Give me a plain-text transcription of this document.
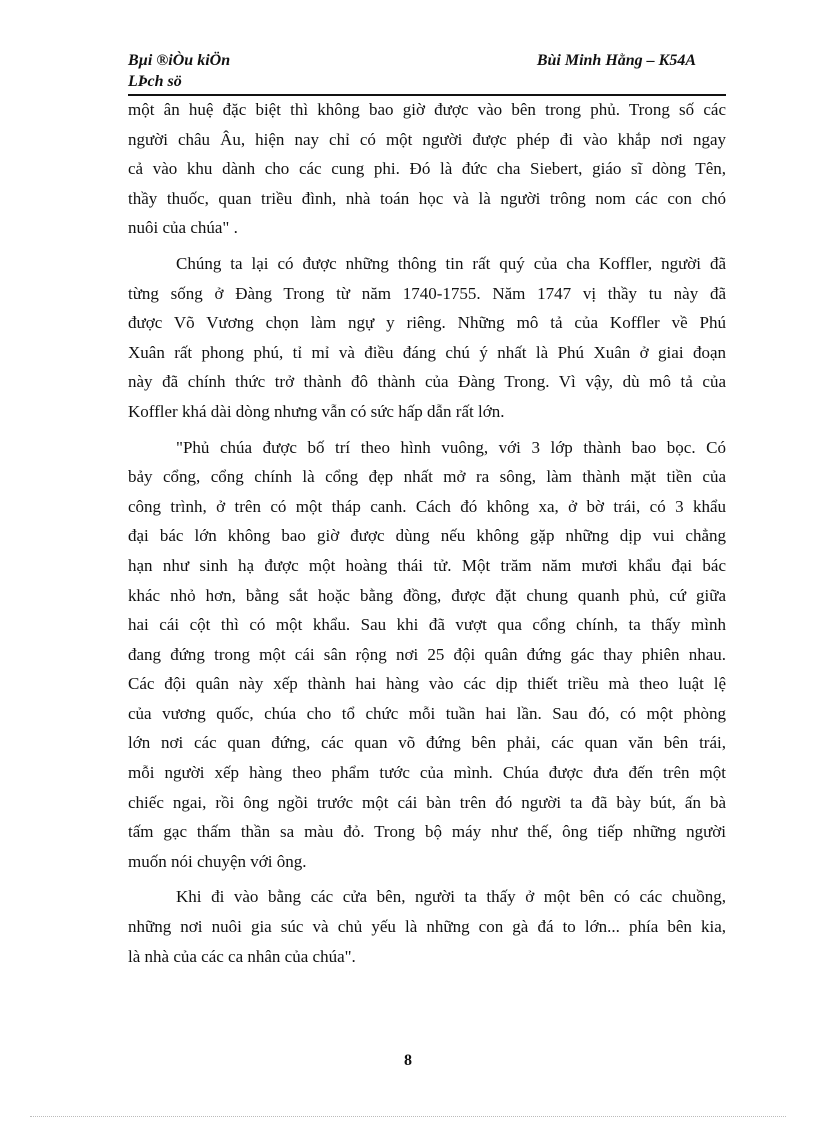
Bµi ®iÒu kiÖn
LÞch sö
Bùi Minh Hằng – K54A

một ân huệ đặc biệt thì không bao giờ được vào bên trong phủ. Trong số các
người châu Âu, hiện nay chỉ có một người được phép đi vào khắp nơi ngay
cả vào khu dành cho các cung phi. Đó là đức cha Siebert, giáo sĩ dòng Tên,
thầy thuốc, quan triều đình, nhà toán học và là người trông nom các con chó
nuôi của chúa" .

Chúng ta lại có được những thông tin rất quý của cha Koffler, người đã
từng sống ở Đàng Trong từ năm 1740-1755. Năm 1747 vị thầy tu này đã
được Võ Vương chọn làm ngự y riêng. Những mô tả của Koffler về Phú
Xuân rất phong phú, tỉ mỉ và điều đáng chú ý nhất là Phú Xuân ở giai đoạn
này đã chính thức trở thành đô thành của Đàng Trong. Vì vậy, dù mô tả của
Koffler khá dài dòng nhưng vẫn có sức hấp dẫn rất lớn.

"Phủ chúa được bố trí theo hình vuông, với 3 lớp thành bao bọc. Có
bảy cổng, cổng chính là cổng đẹp nhất mở ra sông, làm thành mặt tiền của
công trình, ở trên có một tháp canh. Cách đó không xa, ở bờ trái, có 3 khẩu
đại bác lớn không bao giờ được dùng nếu không gặp những dịp vui chẳng
hạn như sinh hạ được một hoàng thái tử. Một trăm năm mươi khẩu đại bác
khác nhỏ hơn, bằng sắt hoặc bằng đồng, được đặt chung quanh phủ, cứ giữa
hai cái cột thì có một khẩu. Sau khi đã vượt qua cổng chính, ta thấy mình
đang đứng trong một cái sân rộng nơi 25 đội quân đứng gác thay phiên nhau.
Các đội quân này xếp thành hai hàng vào các dịp thiết triều mà theo luật lệ
của vương quốc, chúa cho tổ chức mỗi tuần hai lần. Sau đó, có một phòng
lớn nơi các quan đứng, các quan võ đứng bên phải, các quan văn bên trái,
mỗi người xếp hàng theo phẩm tước của mình. Chúa được đưa đến trên một
chiếc ngai, rồi ông ngồi trước một cái bàn trên đó người ta đã bày bút, ấn bà
tấm gạc thấm thần sa màu đỏ. Trong bộ máy như thế, ông tiếp những người
muốn nói chuyện với ông.

Khi đi vào bằng các cửa bên, người ta thấy ở một bên có các chuồng,
những nơi nuôi gia súc và chủ yếu là những con gà đá to lớn... phía bên kia,
là nhà của các ca nhân của chúa".

8
